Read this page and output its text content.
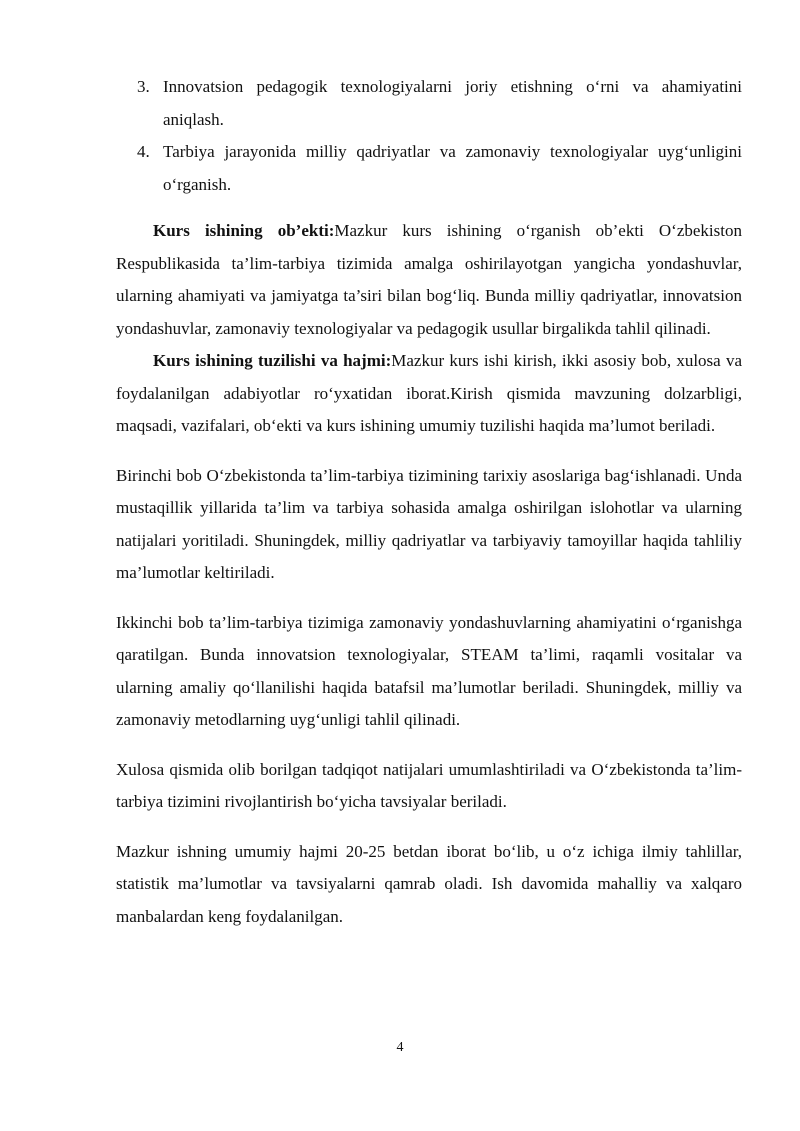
3. Innovatsion pedagogik texnologiyalarni joriy etishning oʻrni va ahamiyatini aniqlash.
4. Tarbiya jarayonida milliy qadriyatlar va zamonaviy texnologiyalar uygʻunligini oʻrganish.

Kurs ishining ob’ekti:Mazkur kurs ishining oʻrganish ob’ekti Oʻzbekiston Respublikasida ta’lim-tarbiya tizimida amalga oshirilayotgan yangicha yondashuvlar, ularning ahamiyati va jamiyatga ta’siri bilan bogʻliq. Bunda milliy qadriyatlar, innovatsion yondashuvlar, zamonaviy texnologiyalar va pedagogik usullar birgalikda tahlil qilinadi.

Kurs ishining tuzilishi va hajmi:Mazkur kurs ishi kirish, ikki asosiy bob, xulosa va foydalanilgan adabiyotlar roʻyxatidan iborat.Kirish qismida mavzuning dolzarbligi, maqsadi, vazifalari, obʻekti va kurs ishining umumiy tuzilishi haqida ma’lumot beriladi.

Birinchi bob Oʻzbekistonda ta’lim-tarbiya tizimining tarixiy asoslariga bagʻishlanadi. Unda mustaqillik yillarida ta’lim va tarbiya sohasida amalga oshirilgan islohotlar va ularning natijalari yoritiladi. Shuningdek, milliy qadriyatlar va tarbiyaviy tamoyillar haqida tahliliy ma’lumotlar keltiriladi.

Ikkinchi bob ta’lim-tarbiya tizimiga zamonaviy yondashuvlarning ahamiyatini oʻrganishga qaratilgan. Bunda innovatsion texnologiyalar, STEAM ta’limi, raqamli vositalar va ularning amaliy qoʻllanilishi haqida batafsil ma’lumotlar beriladi. Shuningdek, milliy va zamonaviy metodlarning uygʻunligi tahlil qilinadi.

Xulosa qismida olib borilgan tadqiqot natijalari umumlashtiriladi va Oʻzbekistonda ta’lim-tarbiya tizimini rivojlantirish boʻyicha tavsiyalar beriladi.

Mazkur ishning umumiy hajmi 20-25 betdan iborat boʻlib, u oʻz ichiga ilmiy tahlillar, statistik ma’lumotlar va tavsiyalarni qamrab oladi. Ish davomida mahalliy va xalqaro manbalardan keng foydalanilgan.

4
